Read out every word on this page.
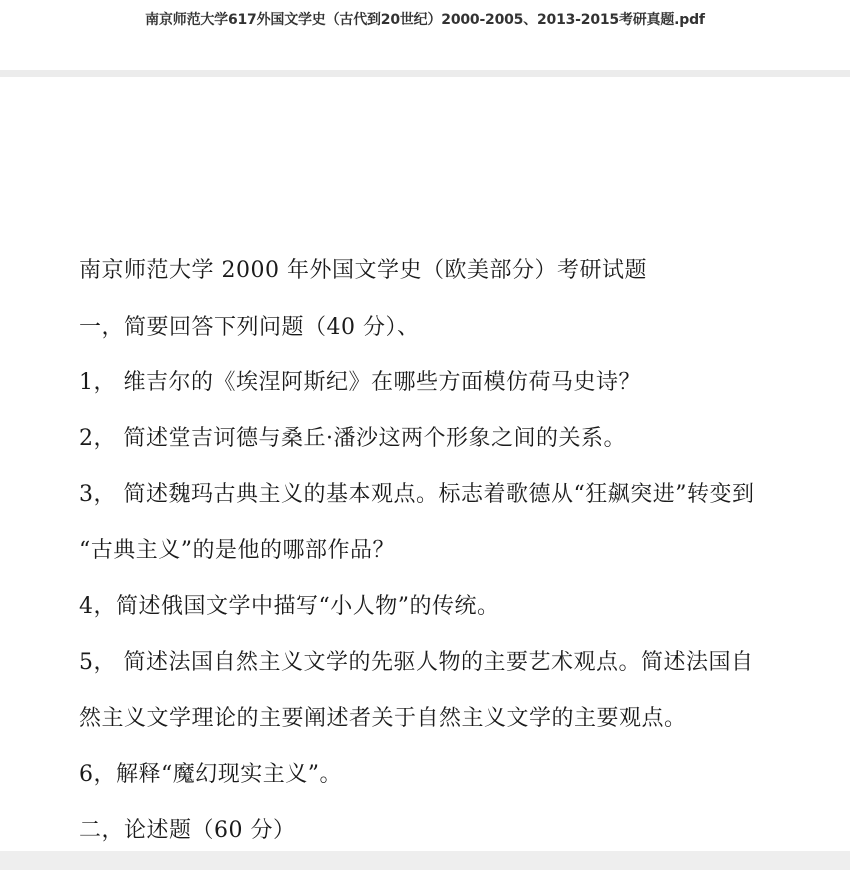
南京师范大学617外国文学史（古代到20世纪）2000-2005、2013-2015考研真题.pdf

南京师范大学 2000 年外国文学史（欧美部分）考研试题

一，简要回答下列问题（40 分）、

1， 维吉尔的《埃涅阿斯纪》在哪些方面模仿荷马史诗？

2， 简述堂吉诃德与桑丘·潘沙这两个形象之间的关系。

3， 简述魏玛古典主义的基本观点。标志着歌德从“狂飙突进”转变到

“古典主义”的是他的哪部作品？

4，简述俄国文学中描写“小人物”的传统。

5， 简述法国自然主义文学的先驱人物的主要艺术观点。简述法国自

然主义文学理论的主要阐述者关于自然主义文学的主要观点。

6，解释“魔幻现实主义”。

二，论述题（60 分）
